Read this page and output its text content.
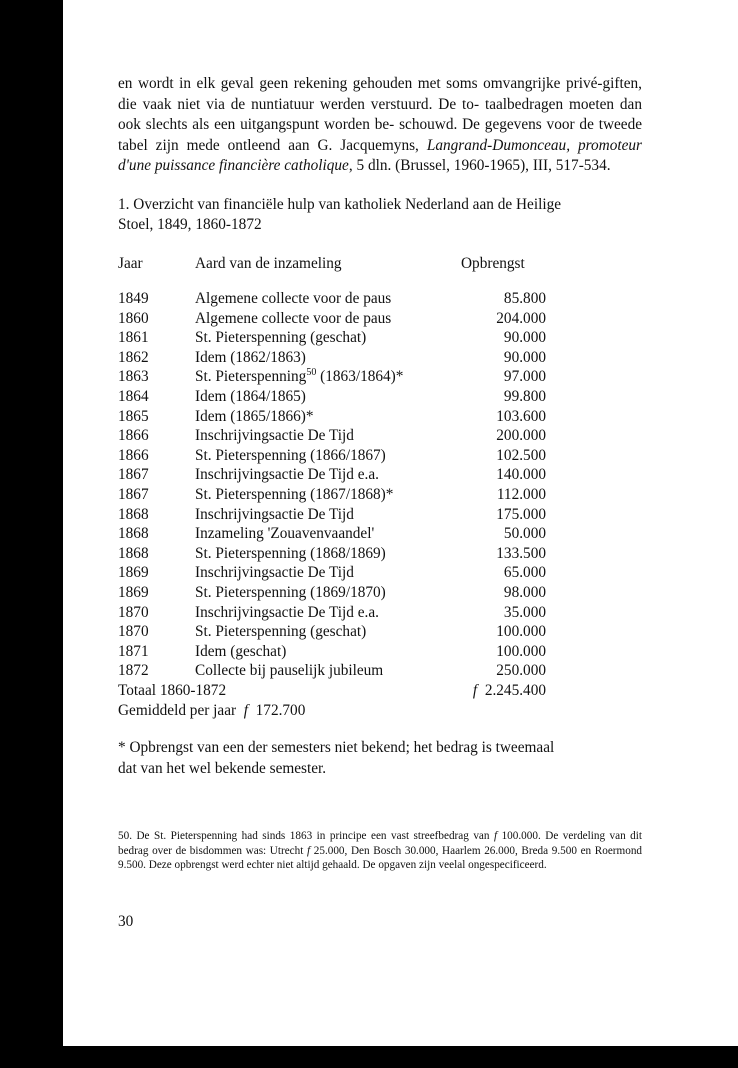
en wordt in elk geval geen rekening gehouden met soms omvangrijke privé-giften, die vaak niet via de nuntiatuur werden verstuurd. De to- taalbedragen moeten dan ook slechts als een uitgangspunt worden be- schouwd. De gegevens voor de tweede tabel zijn mede ontleend aan G. Jacquemyns, Langrand-Dumonceau, promoteur d'une puissance financière catholique, 5 dln. (Brussel, 1960-1965), III, 517-534.

1. Overzicht van financiële hulp van katholiek Nederland aan de Heilige
Stoel, 1849, 1860-1872

Jaar	Aard van de inzameling	Opbrengst
1849	Algemene collecte voor de paus	85.800
1860	Algemene collecte voor de paus	204.000
1861	St. Pieterspenning (geschat)	90.000
1862	Idem (1862/1863)	90.000
1863	St. Pieterspenning$^{50}$ (1863/1864)*	97.000
1864	Idem (1864/1865)	99.800
1865	Idem (1865/1866)*	103.600
1866	Inschrijvingsactie De Tijd	200.000
1866	St. Pieterspenning (1866/1867)	102.500
1867	Inschrijvingsactie De Tijd e.a.	140.000
1867	St. Pieterspenning (1867/1868)*	112.000
1868	Inschrijvingsactie De Tijd	175.000
1868	Inzameling 'Zouavenvaandel'	50.000
1868	St. Pieterspenning (1868/1869)	133.500
1869	Inschrijvingsactie De Tijd	65.000
1869	St. Pieterspenning (1869/1870)	98.000
1870	Inschrijvingsactie De Tijd e.a.	35.000
1870	St. Pieterspenning (geschat)	100.000
1871	Idem (geschat)	100.000
1872	Collecte bij pauselijk jubileum	250.000
Totaal 1860-1872		f 2.245.400
Gemiddeld per jaar f 172.700		

* Opbrengst van een der semesters niet bekend; het bedrag is tweemaal
dat van het wel bekende semester.

50. De St. Pieterspenning had sinds 1863 in principe een vast streefbedrag van f 100.000. De verdeling van dit bedrag over de bisdommen was: Utrecht f 25.000, Den Bosch 30.000, Haarlem 26.000, Breda 9.500 en Roermond 9.500. Deze opbrengst werd echter niet altijd gehaald. De opgaven zijn veelal ongespecificeerd.

30
